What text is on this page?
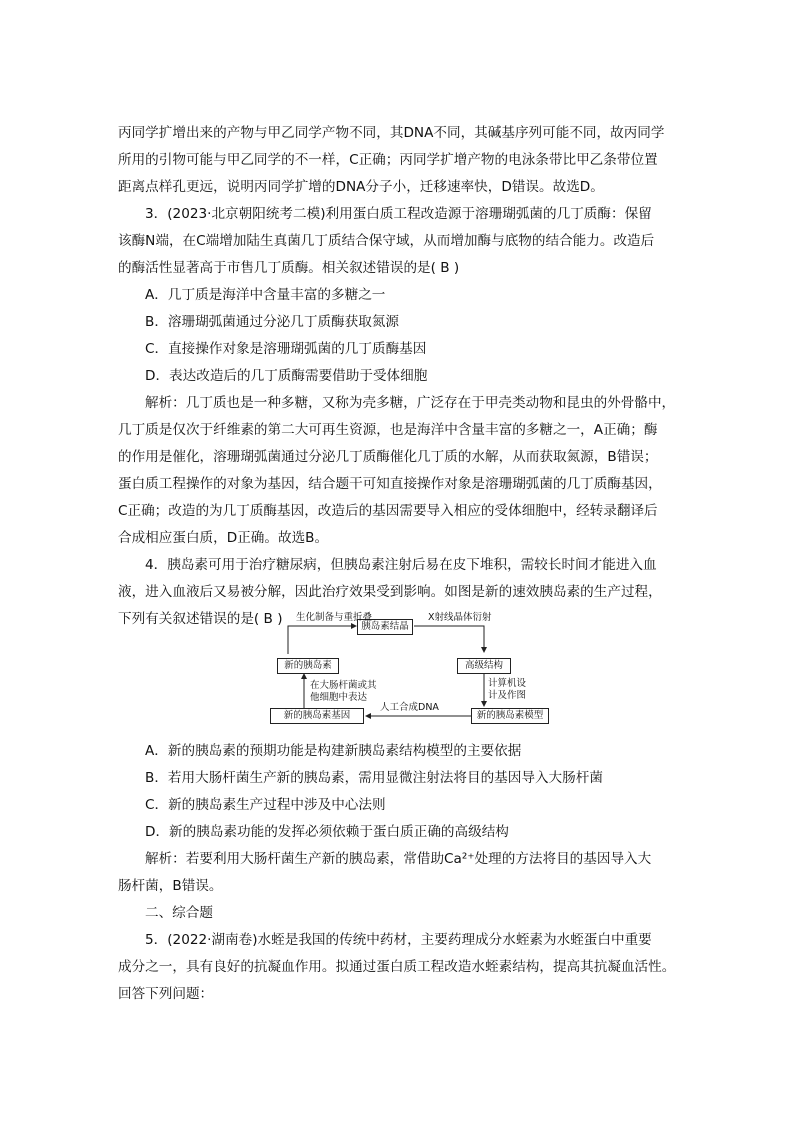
丙同学扩增出来的产物与甲乙同学产物不同，其DNA不同，其碱基序列可能不同，故丙同学
所用的引物可能与甲乙同学的不一样，C正确；丙同学扩增产物的电泳条带比甲乙条带位置
距离点样孔更远，说明丙同学扩增的DNA分子小，迁移速率快，D错误。故选D。
3．(2023·北京朝阳统考二模)利用蛋白质工程改造源于溶珊瑚弧菌的几丁质酶：保留
该酶N端，在C端增加陆生真菌几丁质结合保守域，从而增加酶与底物的结合能力。改造后
的酶活性显著高于市售几丁质酶。相关叙述错误的是( B )
A．几丁质是海洋中含量丰富的多糖之一
B．溶珊瑚弧菌通过分泌几丁质酶获取氮源
C．直接操作对象是溶珊瑚弧菌的几丁质酶基因
D．表达改造后的几丁质酶需要借助于受体细胞
解析：几丁质也是一种多糖，又称为壳多糖，广泛存在于甲壳类动物和昆虫的外骨骼中，
几丁质是仅次于纤维素的第二大可再生资源，也是海洋中含量丰富的多糖之一，A正确；酶
的作用是催化，溶珊瑚弧菌通过分泌几丁质酶催化几丁质的水解，从而获取氮源，B错误；
蛋白质工程操作的对象为基因，结合题干可知直接操作对象是溶珊瑚弧菌的几丁质酶基因，
C正确；改造的为几丁质酶基因，改造后的基因需要导入相应的受体细胞中，经转录翻译后
合成相应蛋白质，D正确。故选B。
4．胰岛素可用于治疗糖尿病，但胰岛素注射后易在皮下堆积，需较长时间才能进入血
液，进入血液后又易被分解，因此治疗效果受到影响。如图是新的速效胰岛素的生产过程，
下列有关叙述错误的是( B )	胰岛素结晶
高级结构
新的胰岛素模型
新的胰岛素基因
新的胰岛素
生化制备与重折叠	X射线晶体衍射
计算机设
计及作图
人工合成DNA
在大肠杆菌或其
他细胞中表达
A．新的胰岛素的预期功能是构建新胰岛素结构模型的主要依据
B．若用大肠杆菌生产新的胰岛素，需用显微注射法将目的基因导入大肠杆菌
C．新的胰岛素生产过程中涉及中心法则
D．新的胰岛素功能的发挥必须依赖于蛋白质正确的高级结构
解析：若要利用大肠杆菌生产新的胰岛素，常借助Ca²⁺处理的方法将目的基因导入大
肠杆菌，B错误。
二、综合题
5．(2022·湖南卷)水蛭是我国的传统中药材，主要药理成分水蛭素为水蛭蛋白中重要
成分之一，具有良好的抗凝血作用。拟通过蛋白质工程改造水蛭素结构，提高其抗凝血活性。
回答下列问题：
